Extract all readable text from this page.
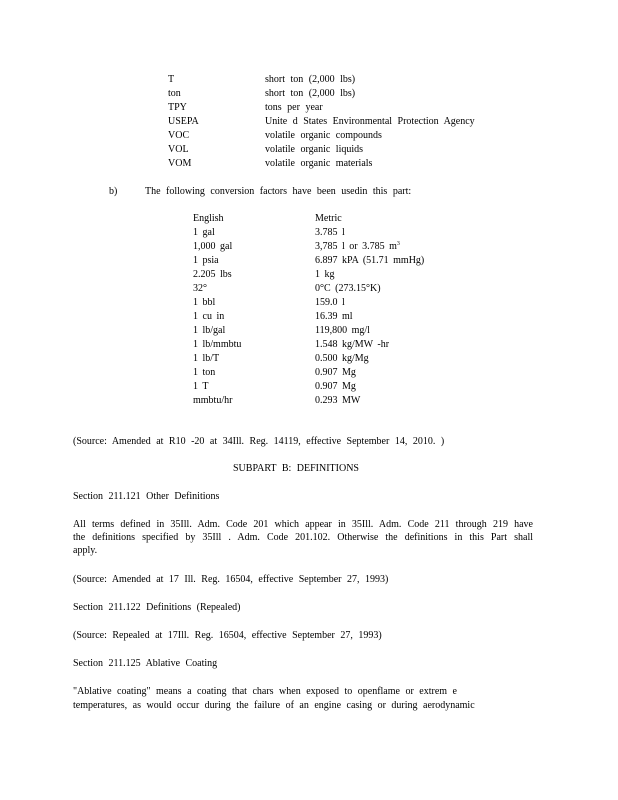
T	short ton (2,000 lbs)
ton	short ton (2,000 lbs)
TPY	tons per year
USEPA	Unite d States Environmental Protection Agency
VOC	volatile organic compounds
VOL	volatile organic liquids
VOM	volatile organic materials
b)	The following conversion factors have been usedin this part:
English	Metric
1 gal	3.785 l
1,000 gal	3,785 l or 3.785 $m^3$
1 psia	6.897 kPA (51.71 mmHg)
2.205 lbs	1 kg
32°	0°C (273.15°K)
1 bbl	159.0 l
1 cu in	16.39 ml
1 lb/gal	119,800 mg/l
1 lb/mmbtu	1.548 kg/MW -hr
1 lb/T	0.500 kg/Mg
1 ton	0.907 Mg
1 T	0.907 Mg
mmbtu/hr	0.293 MW
(Source: Amended at R10 -20 at 34Ill. Reg. 14119, effective September 14, 2010. )
SUBPART B: DEFINITIONS
Section 211.121 Other Definitions
All terms defined in 35Ill. Adm. Code 201 which appear in 35Ill. Adm. Code 211 through 219 have the definitions specified by 35Ill . Adm. Code 201.102. Otherwise the definitions in this Part shall apply.
(Source: Amended at 17 Ill. Reg. 16504, effective September 27, 1993)
Section 211.122 Definitions (Repealed)
(Source: Repealed at 17Ill. Reg. 16504, effective September 27, 1993)
Section 211.125 Ablative Coating
"Ablative coating" means a coating that chars when exposed to openflame or extrem e
temperatures, as would occur during the failure of an engine casing or during aerodynamic
